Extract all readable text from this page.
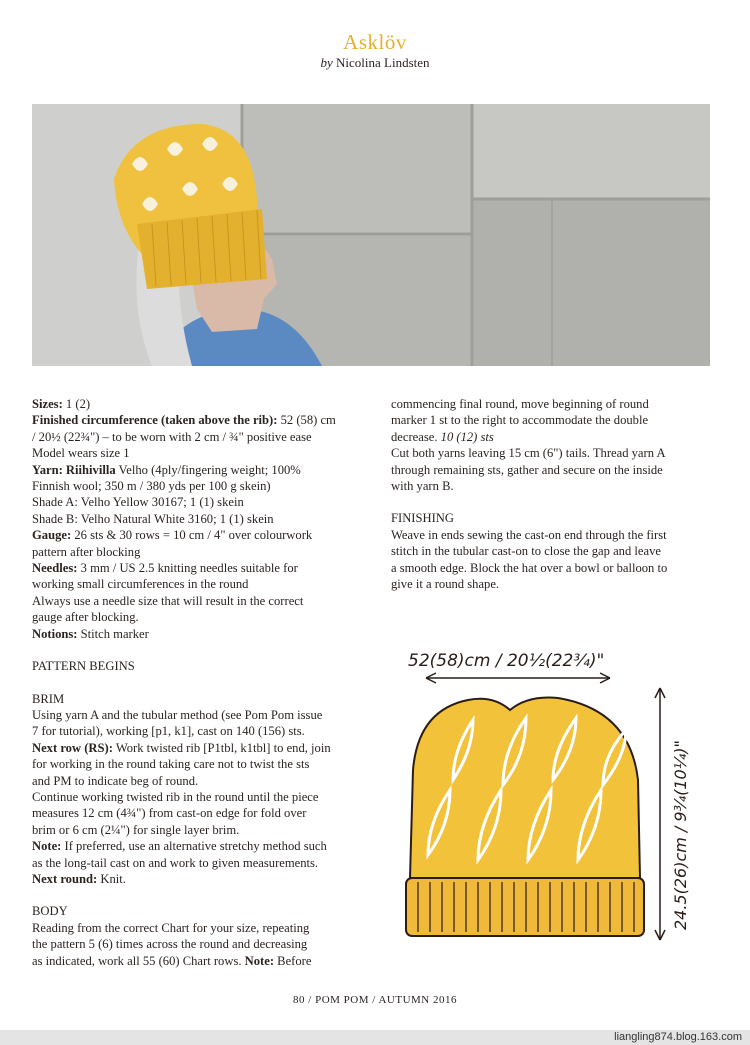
Asklöv
by Nicolina Lindsten

Sizes: 1 (2)

Finished circumference (taken above the rib): 52 (58) cm

/ 20½ (22¾") – to be worn with 2 cm / ¾" positive ease

Model wears size 1

Yarn: Riihivilla Velho (4ply/fingering weight; 100%

Finnish wool; 350 m / 380 yds per 100 g skein)

Shade A: Velho Yellow 30167; 1 (1) skein

Shade B: Velho Natural White 3160; 1 (1) skein

Gauge: 26 sts & 30 rows = 10 cm / 4" over colourwork

pattern after blocking

Needles: 3 mm / US 2.5 knitting needles suitable for

working small circumferences in the round

Always use a needle size that will result in the correct

gauge after blocking.

Notions: Stitch marker

PATTERN BEGINS

BRIM

Using yarn A and the tubular method (see Pom Pom issue

7 for tutorial), working [p1, k1], cast on 140 (156) sts.

Next row (RS): Work twisted rib [P1tbl, k1tbl] to end, join

for working in the round taking care not to twist the sts

and PM to indicate beg of round.

Continue working twisted rib in the round until the piece

measures 12 cm (4¾") from cast-on edge for fold over

brim or 6 cm (2¼") for single layer brim.

Note: If preferred, use an alternative stretchy method such

as the long-tail cast on and work to given measurements.

Next round: Knit.

BODY

Reading from the correct Chart for your size, repeating

the pattern 5 (6) times across the round and decreasing

as indicated, work all 55 (60) Chart rows. Note: Before

commencing final round, move beginning of round

marker 1 st to the right to accommodate the double

decrease. 10 (12) sts

Cut both yarns leaving 15 cm (6") tails. Thread yarn A

through remaining sts, gather and secure on the inside

with yarn B.

FINISHING

Weave in ends sewing the cast-on end through the first

stitch in the tubular cast-on to close the gap and leave

a smooth edge. Block the hat over a bowl or balloon to

give it a round shape.

52(58)cm / 20½(22¾)"
24.5(26)cm / 9¾(10¼)"
80 / POM POM / AUTUMN 2016
liangling874.blog.163.com
